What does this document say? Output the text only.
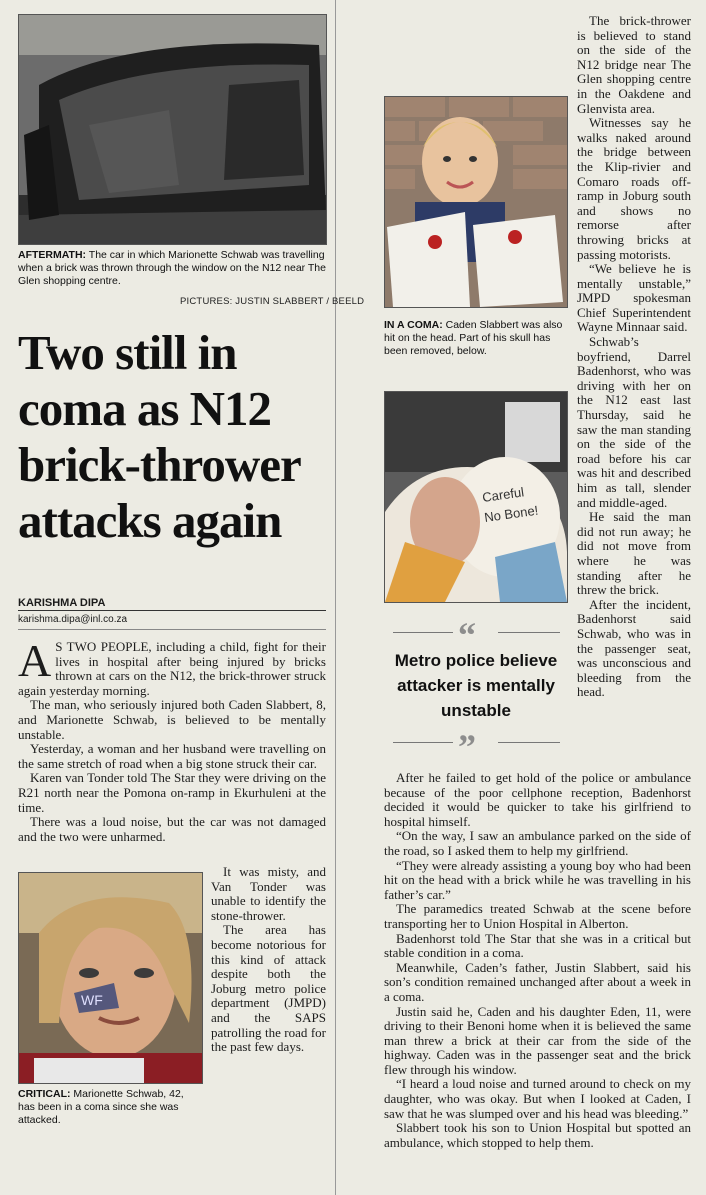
AFTERMATH: The car in which Marionette Schwab was travelling when a brick was thrown through the window on the N12 near The Glen shopping centre.
PICTURES: JUSTIN SLABBERT / BEELD
Two still in coma as N12 brick-thrower attacks again
KARISHMA DIPA
karishma.dipa@inl.co.za

A S TWO PEOPLE, including a child, fight for their lives in hospital after being injured by bricks thrown at cars on the N12, the brick-thrower struck again yesterday morning.

The man, who seriously injured both Caden Slabbert, 8, and Marionette Schwab, is believed to be mentally unstable.

Yesterday, a woman and her husband were travelling on the same stretch of road when a big stone struck their car.

Karen van Tonder told The Star they were driving on the R21 north near the Pomona on-ramp in Ekurhuleni at the time.

There was a loud noise, but the car was not damaged and the two were unharmed.

WF
CRITICAL: Marionette Schwab, 42, has been in a coma since she was attacked.

It was misty, and Van Tonder was unable to identify the stone-thrower.

The area has become notorious for this kind of attack despite both the Joburg metro police department (JMPD) and the SAPS patrolling the road for the past few days.

IN A COMA: Caden Slabbert was also hit on the head. Part of his skull has been removed, below.
Careful
No Bone!
“
Metro police believe attacker is mentally unstable
”

The brick-thrower is believed to stand on the side of the N12 bridge near The Glen shopping centre in the Oakdene and Glenvista area.

Witnesses say he walks naked around the bridge between the Klip-rivier and Comaro roads off-ramp in Joburg south and shows no remorse after throwing bricks at passing motorists.

“We believe he is mentally unstable,” JMPD spokesman Chief Superintendent Wayne Minnaar said.

Schwab’s boyfriend, Darrel Badenhorst, who was driving with her on the N12 east last Thursday, said he saw the man standing on the side of the road before his car was hit and described him as tall, slender and middle-aged.

He said the man did not run away; he did not move from where he was standing after he threw the brick.

After the incident, Badenhorst said Schwab, who was in the passenger seat, was unconscious and bleeding from the head.

After he failed to get hold of the police or ambulance because of the poor cellphone reception, Badenhorst decided it would be quicker to take his girlfriend to hospital himself.

“On the way, I saw an ambulance parked on the side of the road, so I asked them to help my girlfriend.

“They were already assisting a young boy who had been hit on the head with a brick while he was travelling in his father’s car.”

The paramedics treated Schwab at the scene before transporting her to Union Hospital in Alberton.

Badenhorst told The Star that she was in a critical but stable condition in a coma.

Meanwhile, Caden’s father, Justin Slabbert, said his son’s condition remained unchanged after about a week in a coma.

Justin said he, Caden and his daughter Eden, 11, were driving to their Benoni home when it is believed the same man threw a brick at their car from the side of the highway. Caden was in the passenger seat and the brick flew through his window.

“I heard a loud noise and turned around to check on my daughter, who was okay. But when I looked at Caden, I saw that he was slumped over and his head was bleeding.”

Slabbert took his son to Union Hospital but spotted an ambulance, which stopped to help them.
